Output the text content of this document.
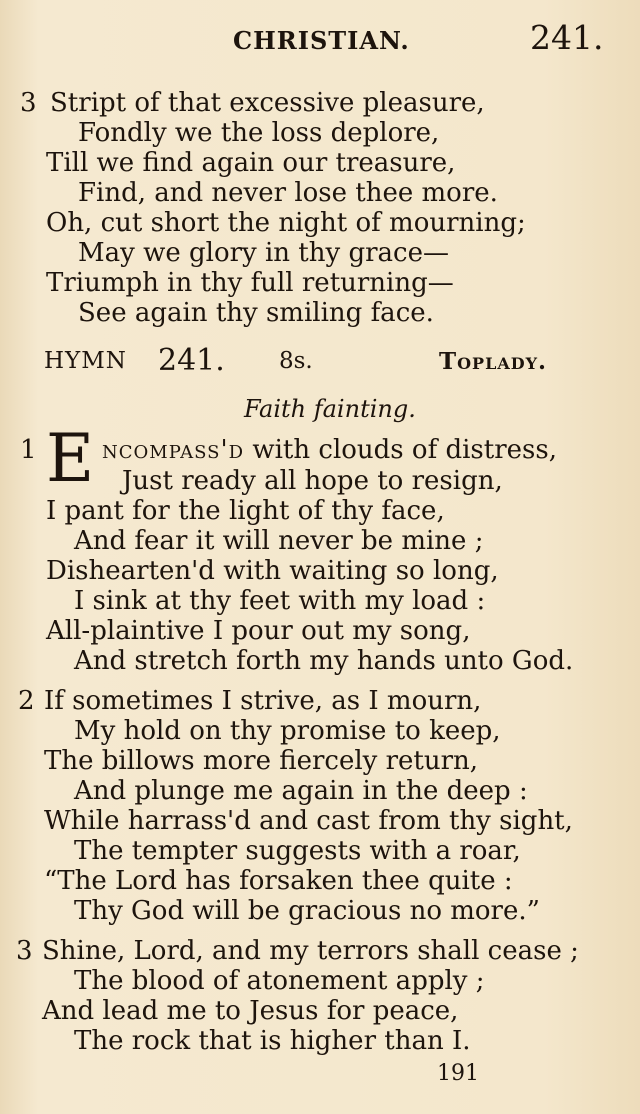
CHRISTIAN.	241.
3 Stript of that excessive pleasure,
Fondly we the loss deplore,
Till we find again our treasure,
Find, and never lose thee more.
Oh, cut short the night of mourning;
May we glory in thy grace—
Triumph in thy full returning—
See again thy smiling face.
HYMN 241. 8s.	Toplady.
Faith fainting.
1 E ncompass'd with clouds of distress,
Just ready all hope to resign,
I pant for the light of thy face,
And fear it will never be mine ;
Dishearten'd with waiting so long,
I sink at thy feet with my load :
All-plaintive I pour out my song,
And stretch forth my hands unto God.
2 If sometimes I strive, as I mourn,
My hold on thy promise to keep,
The billows more fiercely return,
And plunge me again in the deep :
While harrass'd and cast from thy sight,
The tempter suggests with a roar,
“The Lord has forsaken thee quite :
Thy God will be gracious no more.”
3 Shine, Lord, and my terrors shall cease ;
The blood of atonement apply ;
And lead me to Jesus for peace,
The rock that is higher than I.
191
